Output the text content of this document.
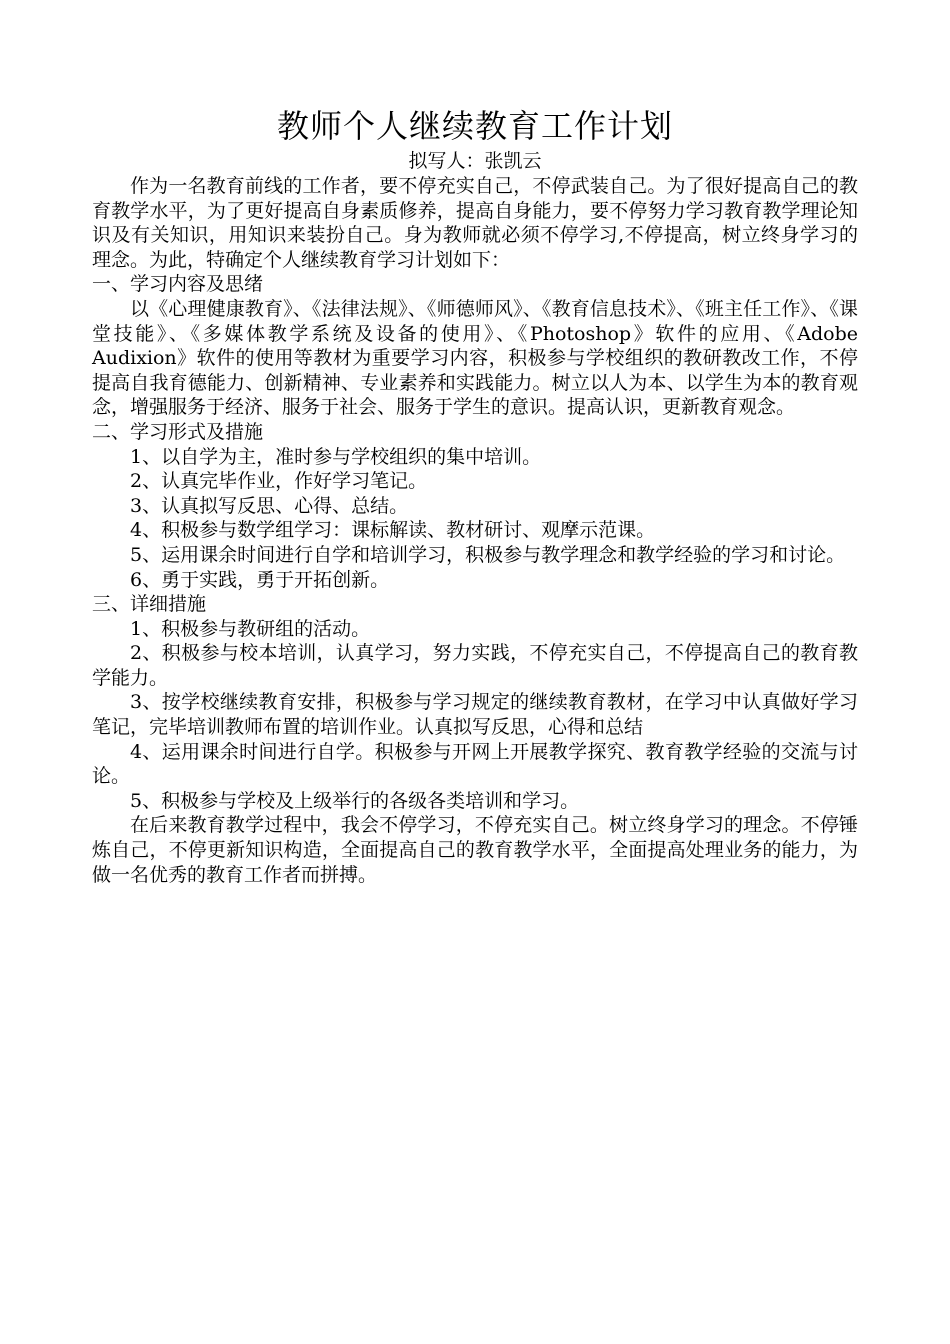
教师个人继续教育工作计划

拟写人：张凯云

作为一名教育前线的工作者，要不停充实自己，不停武装自己。为了很好提高自己的教育教学水平，为了更好提高自身素质修养，提高自身能力，要不停努力学习教育教学理论知识及有关知识，用知识来装扮自己。身为教师就必须不停学习,不停提高，树立终身学习的理念。为此，特确定个人继续教育学习计划如下：

一、学习内容及思绪

以《心理健康教育》、《法律法规》、《师德师风》、《教育信息技术》、《班主任工作》、《课堂技能》、《多媒体教学系统及设备的使用》、《Photoshop》软件的应用、《Adobe Audixion》软件的使用等教材为重要学习内容，积极参与学校组织的教研教改工作，不停提高自我育德能力、创新精神、专业素养和实践能力。树立以人为本、以学生为本的教育观念，增强服务于经济、服务于社会、服务于学生的意识。提高认识，更新教育观念。

二、学习形式及措施

1、以自学为主，准时参与学校组织的集中培训。

2、认真完毕作业，作好学习笔记。

3、认真拟写反思、心得、总结。

4、积极参与数学组学习：课标解读、教材研讨、观摩示范课。

5、运用课余时间进行自学和培训学习，积极参与教学理念和教学经验的学习和讨论。

6、勇于实践，勇于开拓创新。

三、详细措施

1、积极参与教研组的活动。

2、积极参与校本培训，认真学习，努力实践，不停充实自己，不停提高自己的教育教学能力。

3、按学校继续教育安排，积极参与学习规定的继续教育教材，在学习中认真做好学习笔记，完毕培训教师布置的培训作业。认真拟写反思，心得和总结

4、运用课余时间进行自学。积极参与开网上开展教学探究、教育教学经验的交流与讨论。

5、积极参与学校及上级举行的各级各类培训和学习。

在后来教育教学过程中，我会不停学习，不停充实自己。树立终身学习的理念。不停锤炼自己，不停更新知识构造，全面提高自己的教育教学水平，全面提高处理业务的能力，为做一名优秀的教育工作者而拼搏。
